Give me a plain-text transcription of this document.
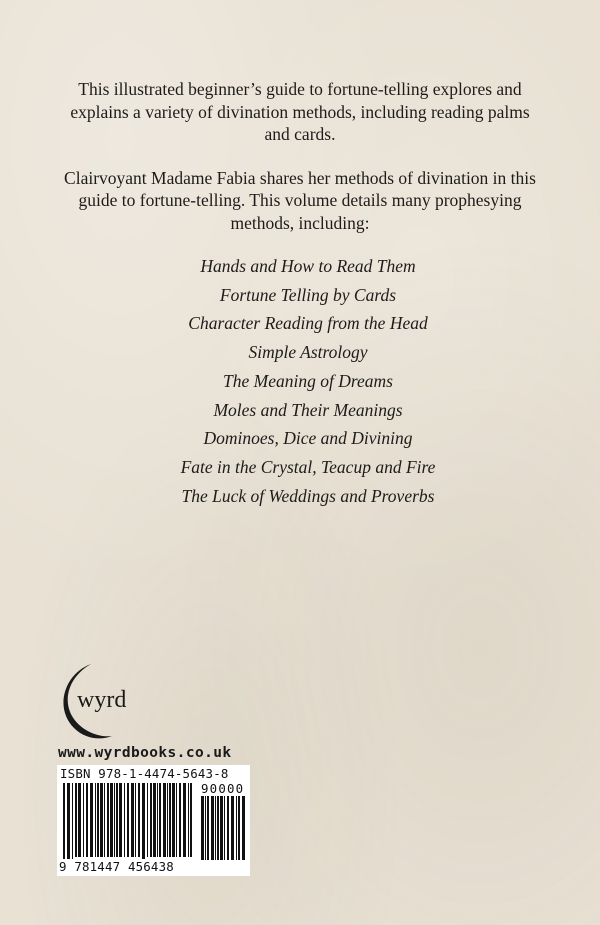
This illustrated beginner’s guide to fortune-telling explores and explains a variety of divination methods, including reading palms and cards.

Clairvoyant Madame Fabia shares her methods of divination in this guide to fortune-telling. This volume details many prophesying methods, including:

Hands and How to Read Them
Fortune Telling by Cards
Character Reading from the Head
Simple Astrology
The Meaning of Dreams
Moles and Their Meanings
Dominoes, Dice and Divining
Fate in the Crystal, Teacup and Fire
The Luck of Weddings and Proverbs
wyrd
www.wyrdbooks.co.uk
ISBN 978-1-4474-5643-8
90000
9 781447 456438
